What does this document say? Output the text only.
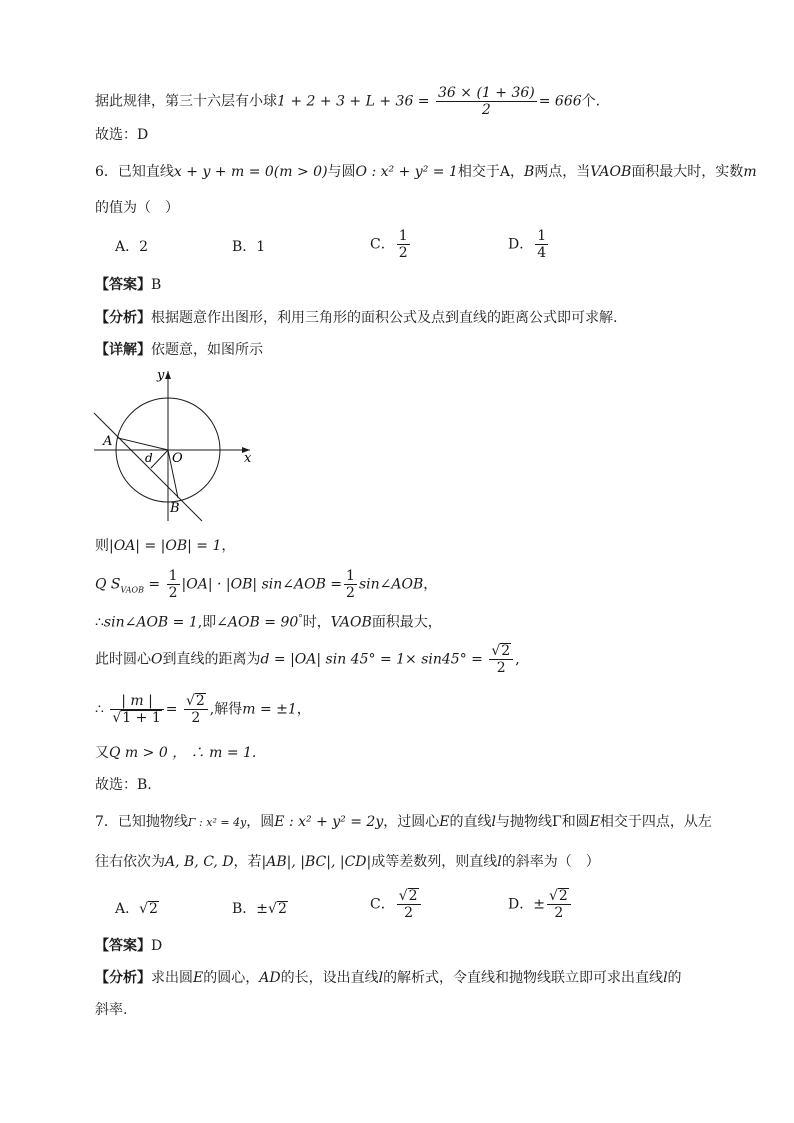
据此规律，第三十六层有小球$1 + 2 + 3 + L + 36 = \frac{36 \times (1 + 36)}{2} = 666$个.
故选：D
6．已知直线x + y + m = 0(m > 0)与圆O : x² + y² = 1相交于A，B两点，当VAOB面积最大时，实数m
的值为（　）
A．2	B．1	C． $\frac{1}{2}$	D． $\frac{1}{4}$
【答案】B
【分析】根据题意作出图形，利用三角形的面积公式及点到直线的距离公式即可求解.
【详解】依题意，如图所示
y
x
O
A
B
d
则|OA| = |OB| = 1，
Q $S_{VAOB} = \frac{1}{2} |OA| \cdot |OB|$ sin∠AOB = $\frac{1}{2}$ sin∠AOB，
∴sin∠AOB = 1,即∠AOB = 90°时，VAOB面积最大，
此时圆心O到直线的距离为d = |OA| $\sin 45^\circ = 1\times \sin 45^\circ = \frac{√2}{2}$ ,
∴ $\frac{| m |}{√1 + 1} = \frac{√2}{2}$ ,解得m = ±1，
又Q m > 0 ， ∴ m = 1.
故选：B.
7．已知抛物线Γ : x² = 4y，圆E : x² + y² = 2y，过圆心E的直线l与抛物线Γ和圆E相交于四点，从左
往右依次为A, B, C, D，若|AB|, |BC|, |CD|成等差数列，则直线l的斜率为（　）
A．√2	B．±√2	C． $\frac{√2}{2}$	D．± $\frac{√2}{2}$
【答案】D
【分析】求出圆E的圆心，AD的长，设出直线l的解析式，令直线和抛物线联立即可求出直线l的
斜率.
